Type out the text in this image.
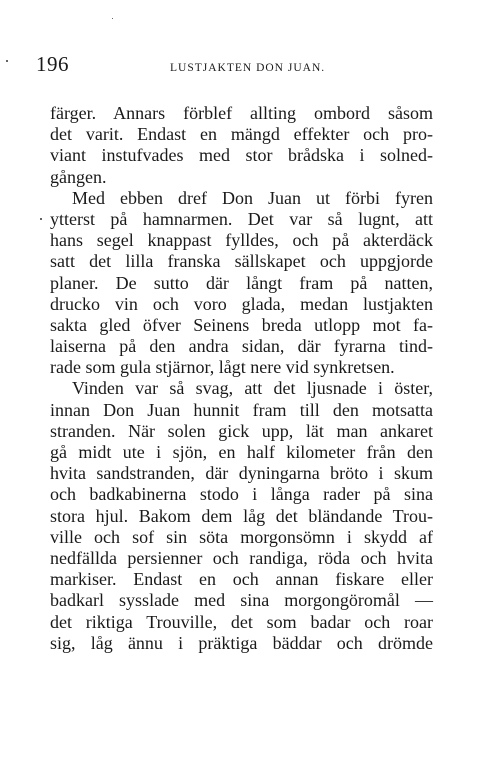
196	LUSTJAKTEN DON JUAN.

färger. Annars förblef allting ombord såsom
det varit. Endast en mängd effekter och pro-
viant instufvades med stor brådska i solned-
gången.

Med ebben dref Don Juan ut förbi fyren
ytterst på hamnarmen. Det var så lugnt, att
hans segel knappast fylldes, och på akterdäck
satt det lilla franska sällskapet och uppgjorde
planer. De sutto där långt fram på natten,
drucko vin och voro glada, medan lustjakten
sakta gled öfver Seinens breda utlopp mot fa-
laiserna på den andra sidan, där fyrarna tind-
rade som gula stjärnor, lågt nere vid synkretsen.

Vinden var så svag, att det ljusnade i öster,
innan Don Juan hunnit fram till den motsatta
stranden. När solen gick upp, lät man ankaret
gå midt ute i sjön, en half kilometer från den
hvita sandstranden, där dyningarna bröto i skum
och badkabinerna stodo i långa rader på sina
stora hjul. Bakom dem låg det bländande Trou-
ville och sof sin söta morgonsömn i skydd af
nedfällda persienner och randiga, röda och hvita
markiser. Endast en och annan fiskare eller
badkarl sysslade med sina morgongöromål —
det riktiga Trouville, det som badar och roar
sig, låg ännu i präktiga bäddar och drömde
